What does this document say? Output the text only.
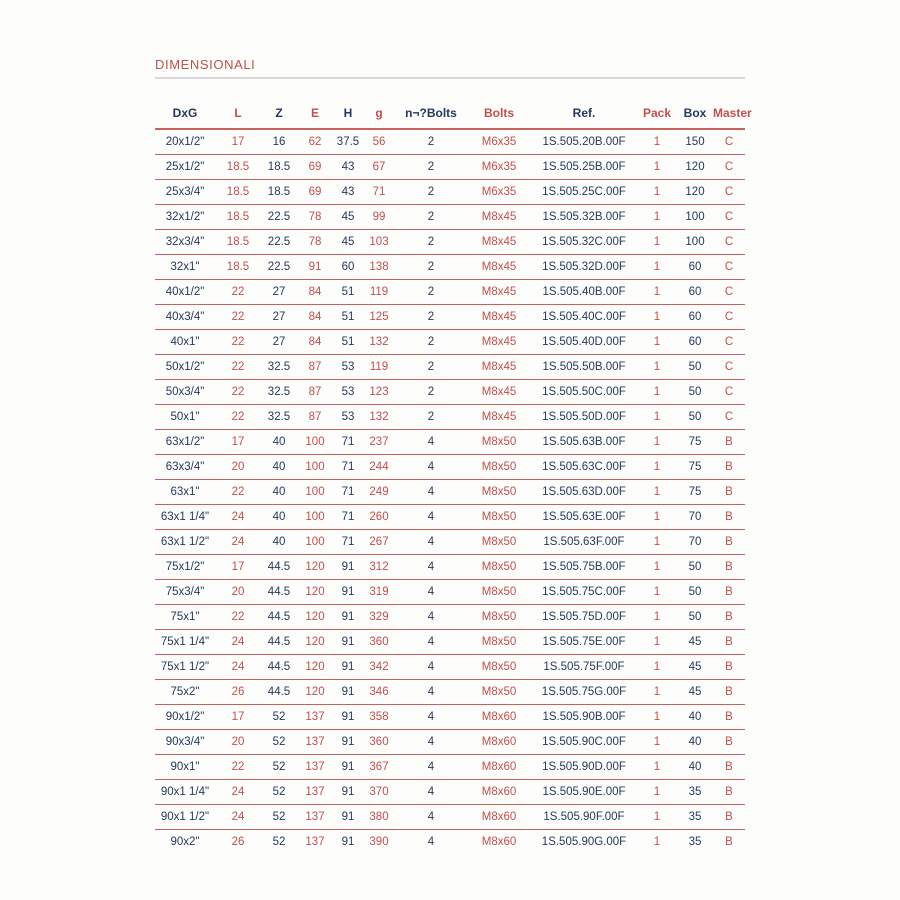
DIMENSIONALI
DxG	L	Z	E	H	g	n¬?Bolts	Bolts	Ref.	Pack	Box	Master
20x1/2"	17	16	62	37.5	56	2	M6x35	1S.505.20B.00F	1	150	C
25x1/2"	18.5	18.5	69	43	67	2	M6x35	1S.505.25B.00F	1	120	C
25x3/4"	18.5	18.5	69	43	71	2	M6x35	1S.505.25C.00F	1	120	C
32x1/2"	18.5	22.5	78	45	99	2	M8x45	1S.505.32B.00F	1	100	C
32x3/4"	18.5	22.5	78	45	103	2	M8x45	1S.505.32C.00F	1	100	C
32x1"	18.5	22.5	91	60	138	2	M8x45	1S.505.32D.00F	1	60	C
40x1/2"	22	27	84	51	119	2	M8x45	1S.505.40B.00F	1	60	C
40x3/4"	22	27	84	51	125	2	M8x45	1S.505.40C.00F	1	60	C
40x1"	22	27	84	51	132	2	M8x45	1S.505.40D.00F	1	60	C
50x1/2"	22	32.5	87	53	119	2	M8x45	1S.505.50B.00F	1	50	C
50x3/4"	22	32.5	87	53	123	2	M8x45	1S.505.50C.00F	1	50	C
50x1"	22	32.5	87	53	132	2	M8x45	1S.505.50D.00F	1	50	C
63x1/2"	17	40	100	71	237	4	M8x50	1S.505.63B.00F	1	75	B
63x3/4"	20	40	100	71	244	4	M8x50	1S.505.63C.00F	1	75	B
63x1"	22	40	100	71	249	4	M8x50	1S.505.63D.00F	1	75	B
63x1 1/4"	24	40	100	71	260	4	M8x50	1S.505.63E.00F	1	70	B
63x1 1/2"	24	40	100	71	267	4	M8x50	1S.505.63F.00F	1	70	B
75x1/2"	17	44.5	120	91	312	4	M8x50	1S.505.75B.00F	1	50	B
75x3/4"	20	44.5	120	91	319	4	M8x50	1S.505.75C.00F	1	50	B
75x1"	22	44.5	120	91	329	4	M8x50	1S.505.75D.00F	1	50	B
75x1 1/4"	24	44.5	120	91	360	4	M8x50	1S.505.75E.00F	1	45	B
75x1 1/2"	24	44.5	120	91	342	4	M8x50	1S.505.75F.00F	1	45	B
75x2"	26	44.5	120	91	346	4	M8x50	1S.505.75G.00F	1	45	B
90x1/2"	17	52	137	91	358	4	M8x60	1S.505.90B.00F	1	40	B
90x3/4"	20	52	137	91	360	4	M8x60	1S.505.90C.00F	1	40	B
90x1"	22	52	137	91	367	4	M8x60	1S.505.90D.00F	1	40	B
90x1 1/4"	24	52	137	91	370	4	M8x60	1S.505.90E.00F	1	35	B
90x1 1/2"	24	52	137	91	380	4	M8x60	1S.505.90F.00F	1	35	B
90x2"	26	52	137	91	390	4	M8x60	1S.505.90G.00F	1	35	B
